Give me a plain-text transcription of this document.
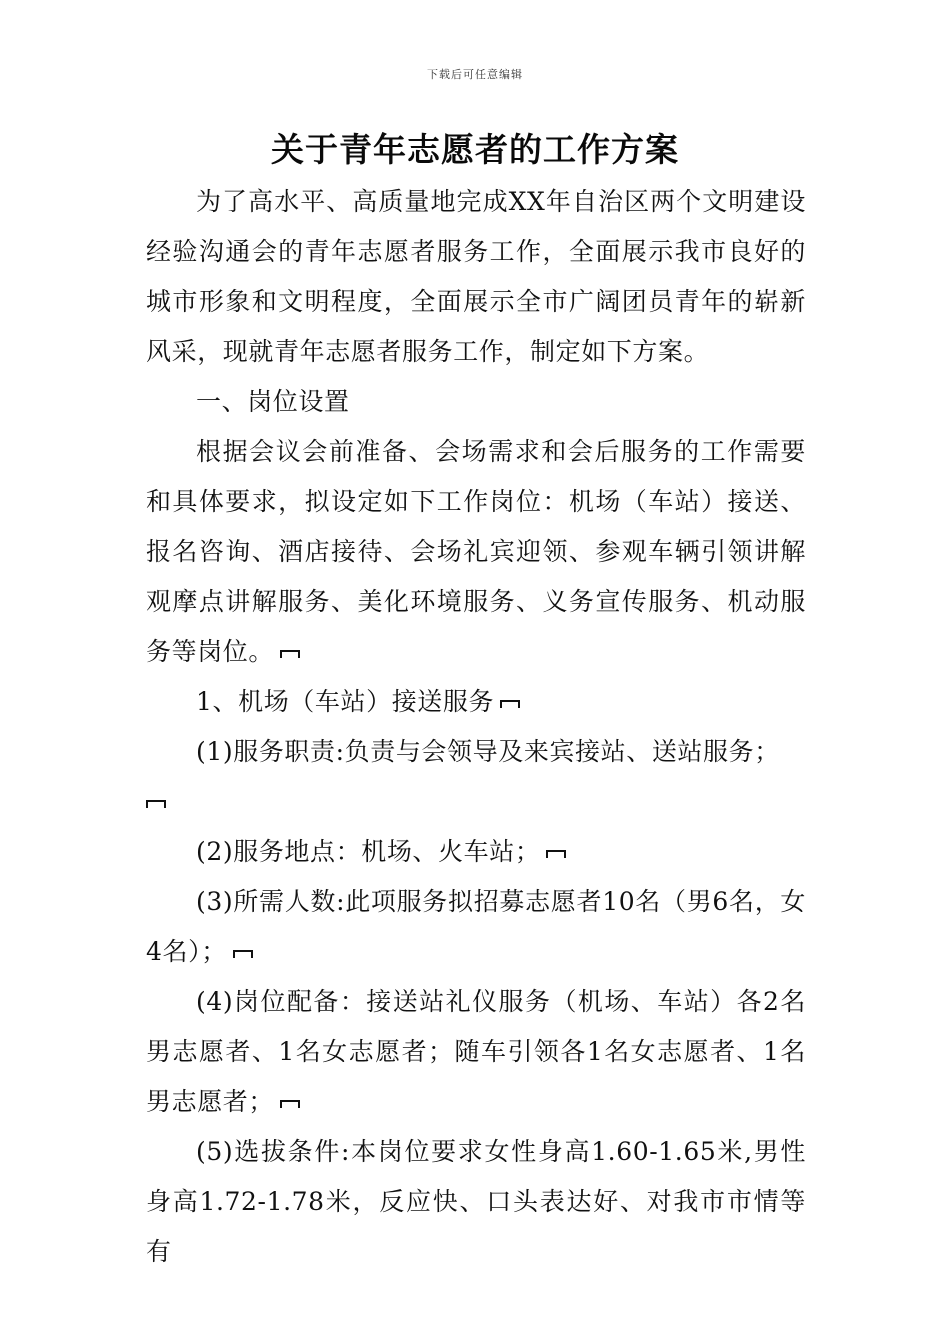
下载后可任意编辑
关于青年志愿者的工作方案

为了高水平、高质量地完成XX年自治区两个文明建设经验沟通会的青年志愿者服务工作，全面展示我市良好的城市形象和文明程度，全面展示全市广阔团员青年的崭新风采，现就青年志愿者服务工作，制定如下方案。

一、岗位设置

根据会议会前准备、会场需求和会后服务的工作需要和具体要求，拟设定如下工作岗位：机场（车站）接送、报名咨询、酒店接待、会场礼宾迎领、参观车辆引领讲解观摩点讲解服务、美化环境服务、义务宣传服务、机动服务等岗位。

1、机场（车站）接送服务

(1)服务职责:负责与会领导及来宾接站、送站服务；

(2)服务地点：机场、火车站；

(3)所需人数:此项服务拟招募志愿者10名（男6名，女4名）；

(4)岗位配备：接送站礼仪服务（机场、车站）各2名男志愿者、1名女志愿者；随车引领各1名女志愿者、1名男志愿者；

(5)选拔条件:本岗位要求女性身高1.60-1.65米,男性身高1.72-1.78米，反应快、口头表达好、对我市市情等有
